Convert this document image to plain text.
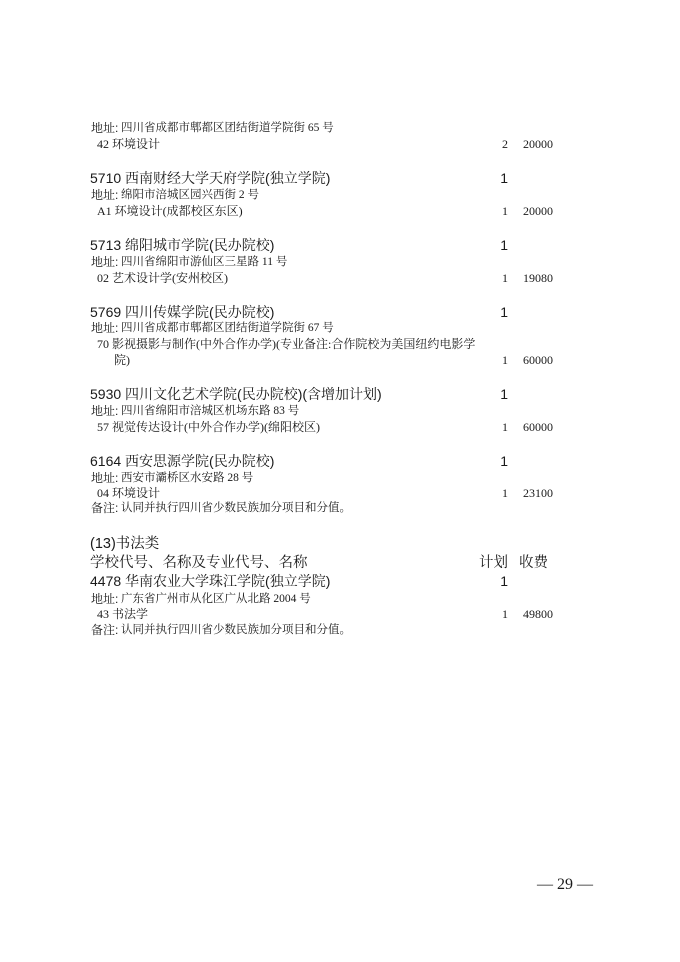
地址: 四川省成都市郫都区团结街道学院街 65 号
42 环境设计	2	20000
5710 西南财经大学天府学院(独立学院)	1
地址: 绵阳市涪城区园兴西街 2 号
A1 环境设计(成都校区东区)	1	20000
5713 绵阳城市学院(民办院校)	1
地址: 四川省绵阳市游仙区三星路 11 号
02 艺术设计学(安州校区)	1	19080
5769 四川传媒学院(民办院校)	1
地址: 四川省成都市郫都区团结街道学院街 67 号
70 影视摄影与制作(中外合作办学)(专业备注:合作院校为美国纽约电影学
院)	1	60000
5930 四川文化艺术学院(民办院校)(含增加计划)	1
地址: 四川省绵阳市涪城区机场东路 83 号
57 视觉传达设计(中外合作办学)(绵阳校区)	1	60000
6164 西安思源学院(民办院校)	1
地址: 西安市灞桥区水安路 28 号
04 环境设计	1	23100
备注: 认同并执行四川省少数民族加分项目和分值。
(13)书法类
学校代号、名称及专业代号、名称	计划 收费
4478 华南农业大学珠江学院(独立学院)	1
地址: 广东省广州市从化区广从北路 2004 号
43 书法学	1	49800
备注: 认同并执行四川省少数民族加分项目和分值。
— 29 —
